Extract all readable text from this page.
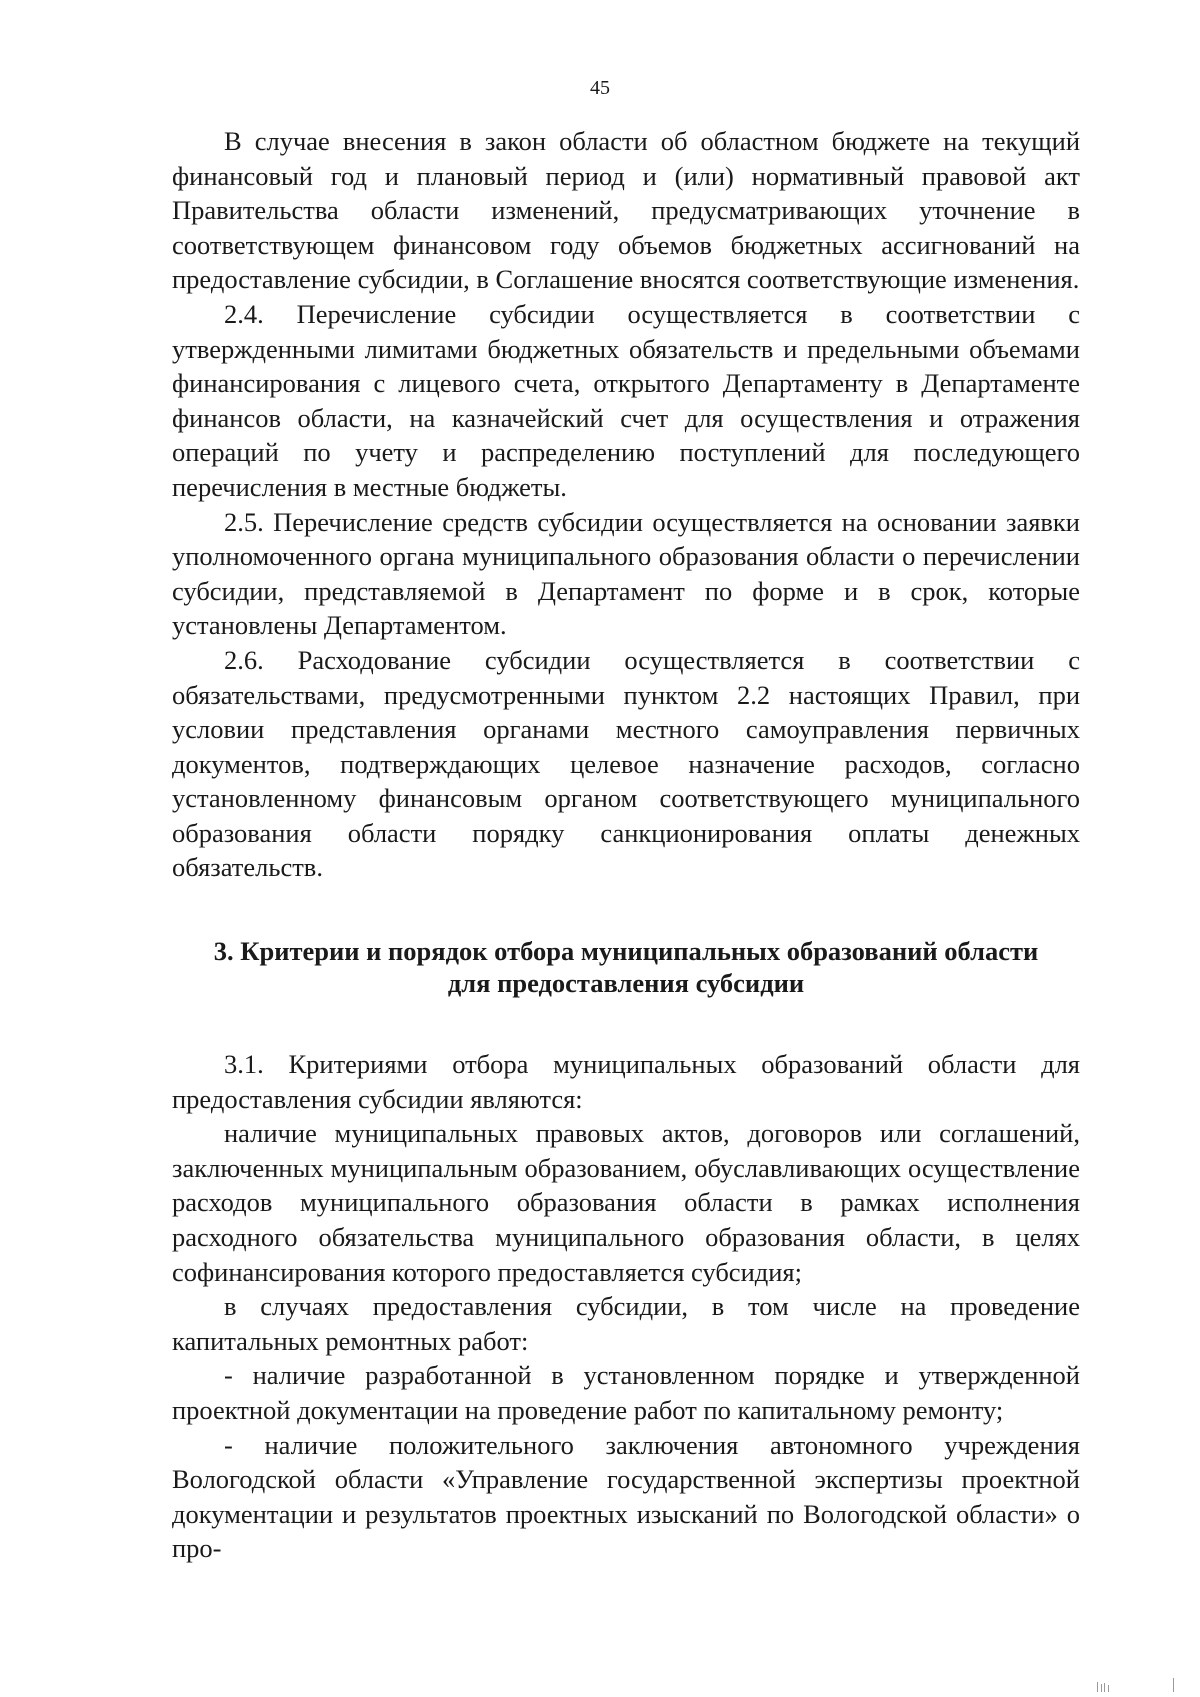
45

В случае внесения в закон области об областном бюджете на текущий финансовый год и плановый период и (или) нормативный правовой акт Правительства области изменений, предусматривающих уточнение в соответствующем финансовом году объемов бюджетных ассигнований на предоставление субсидии, в Соглашение вносятся соответствующие изменения.

2.4. Перечисление субсидии осуществляется в соответствии с утвержденными лимитами бюджетных обязательств и предельными объемами финансирования с лицевого счета, открытого Департаменту в Департаменте финансов области, на казначейский счет для осуществления и отражения операций по учету и распределению поступлений для последующего перечисления в местные бюджеты.

2.5. Перечисление средств субсидии осуществляется на основании заявки уполномоченного органа муниципального образования области о перечислении субсидии, представляемой в Департамент по форме и в срок, которые установлены Департаментом.

2.6. Расходование субсидии осуществляется в соответствии с обязательствами, предусмотренными пунктом 2.2 настоящих Правил, при условии представления органами местного самоуправления первичных документов, подтверждающих целевое назначение расходов, согласно установленному финансовым органом соответствующего муниципального образования области порядку санкционирования оплаты денежных обязательств.

3. Критерии и порядок отбора муниципальных образований области для предоставления субсидии

3.1. Критериями отбора муниципальных образований области для предоставления субсидии являются:

наличие муниципальных правовых актов, договоров или соглашений, заключенных муниципальным образованием, обуславливающих осуществление расходов муниципального образования области в рамках исполнения расходного обязательства муниципального образования области, в целях софинансирования которого предоставляется субсидия;

в случаях предоставления субсидии, в том числе на проведение капитальных ремонтных работ:

- наличие разработанной в установленном порядке и утвержденной проектной документации на проведение работ по капитальному ремонту;

- наличие положительного заключения автономного учреждения Вологодской области «Управление государственной экспертизы проектной документации и результатов проектных изысканий по Вологодской области» о про-
